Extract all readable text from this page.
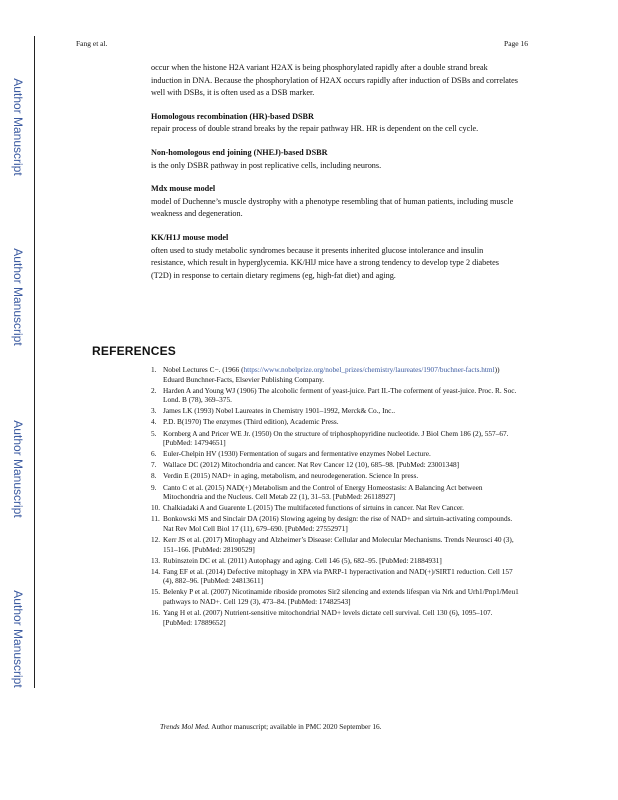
Author Manuscript
Author Manuscript
Author Manuscript
Author Manuscript
Fang et al.	Page 16

occur when the histone H2A variant H2AX is being phosphorylated rapidly after a double strand break induction in DNA. Because the phosphorylation of H2AX occurs rapidly after induction of DSBs and correlates well with DSBs, it is often used as a DSB marker.

Homologous recombination (HR)-based DSBR

repair process of double strand breaks by the repair pathway HR. HR is dependent on the cell cycle.

Non-homologous end joining (NHEJ)-based DSBR

is the only DSBR pathway in post replicative cells, including neurons.

Mdx mouse model

model of Duchenne’s muscle dystrophy with a phenotype resembling that of human patients, including muscle weakness and degeneration.

KK/H1J mouse model

often used to study metabolic syndromes because it presents inherited glucose intolerance and insulin resistance, which result in hyperglycemia. KK/HlJ mice have a strong tendency to develop type 2 diabetes (T2D) in response to certain dietary regimens (eg, high-fat diet) and aging.

REFERENCES
1. Nobel Lectures C−. (1966 (https://www.nobelprize.org/nobel_prizes/chemistry/laureates/1907/buchner-facts.html)) Eduard Bunchner-Facts, Elsevier Publishing Company.
2. Harden A and Young WJ (1906) The alcoholic ferment of yeast-juice. Part II.-The coferment of yeast-juice. Proc. R. Soc. Lond. B (78), 369–375.
3. James LK (1993) Nobel Laureates in Chemistry 1901–1992, Merck& Co., Inc..
4. P.D. B(1970) The enzymes (Third edition), Academic Press.
5. Kornberg A and Pricer WE Jr. (1950) On the structure of triphosphopyridine nucleotide. J Biol Chem 186 (2), 557–67. [PubMed: 14794651]
6. Euler-Chelpin HV (1930) Fermentation of sugars and fermentative enzymes Nobel Lecture.
7. Wallace DC (2012) Mitochondria and cancer. Nat Rev Cancer 12 (10), 685–98. [PubMed: 23001348]
8. Verdin E (2015) NAD+ in aging, metabolism, and neurodegeneration. Science In press.
9. Canto C et al. (2015) NAD(+) Metabolism and the Control of Energy Homeostasis: A Balancing Act between Mitochondria and the Nucleus. Cell Metab 22 (1), 31–53. [PubMed: 26118927]
10. Chalkiadaki A and Guarente L (2015) The multifaceted functions of sirtuins in cancer. Nat Rev Cancer.
11. Bonkowski MS and Sinclair DA (2016) Slowing ageing by design: the rise of NAD+ and sirtuin-activating compounds. Nat Rev Mol Cell Biol 17 (11), 679–690. [PubMed: 27552971]
12. Kerr JS et al. (2017) Mitophagy and Alzheimer’s Disease: Cellular and Molecular Mechanisms. Trends Neurosci 40 (3), 151–166. [PubMed: 28190529]
13. Rubinsztein DC et al. (2011) Autophagy and aging. Cell 146 (5), 682–95. [PubMed: 21884931]
14. Fang EF et al. (2014) Defective mitophagy in XPA via PARP-1 hyperactivation and NAD(+)/SIRT1 reduction. Cell 157 (4), 882–96. [PubMed: 24813611]
15. Belenky P et al. (2007) Nicotinamide riboside promotes Sir2 silencing and extends lifespan via Nrk and Urh1/Pnp1/Meu1 pathways to NAD+. Cell 129 (3), 473–84. [PubMed: 17482543]
16. Yang H et al. (2007) Nutrient-sensitive mitochondrial NAD+ levels dictate cell survival. Cell 130 (6), 1095–107. [PubMed: 17889652]
Trends Mol Med. Author manuscript; available in PMC 2020 September 16.
